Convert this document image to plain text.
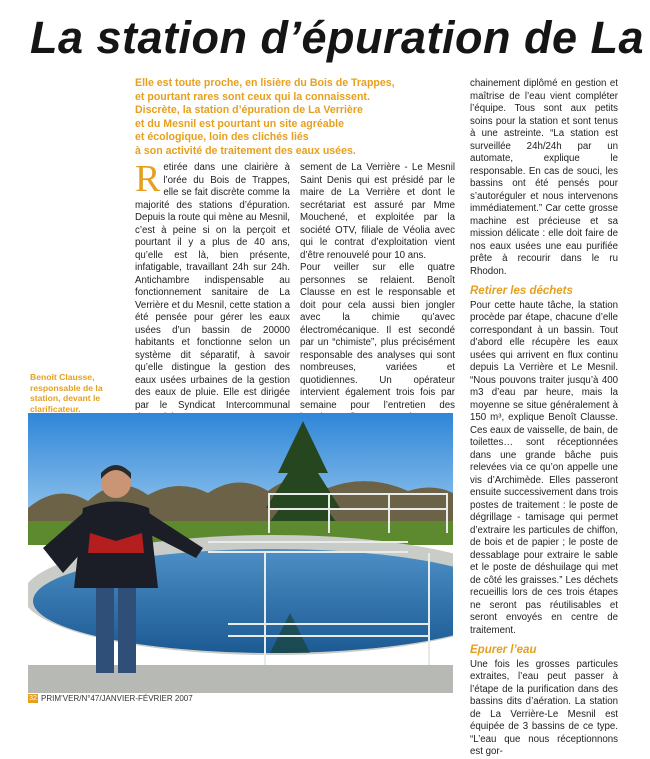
La station d’épuration de La
Elle est toute proche, en lisière du Bois de Trappes,
et pourtant rares sont ceux qui la connaissent.
Discrète, la station d’épuration de La Verrière
et du Mesnil est pourtant un site agréable
et écologique, loin des clichés liés
à son activité de traitement des eaux usées.
R etirée dans une clairière à l’orée du Bois de Trappes, elle se fait discrète comme la majorité des stations d’épuration. Depuis la route qui mène au Mesnil, c’est à peine si on la perçoit et pourtant il y a plus de 40 ans, qu’elle est là, bien présente, infatigable, travaillant 24h sur 24h. Antichambre indispensable au fonctionnement sanitaire de La Verrière et du Mesnil, cette station a été pensée pour gérer les eaux usées d’un bassin de 20000 habitants et fonctionne selon un système dit séparatif, à savoir qu’elle distingue la gestion des eaux usées urbaines de la gestion des eaux de pluie. Elle est dirigée par le Syndicat Intercommunal

sement de La Verrière - Le Mesnil Saint Denis qui est présidé par le maire de La Verrière et dont le secrétariat est assuré par Mme Mouchené, et exploitée par la société OTV, filiale de Véolia avec qui le contrat d’exploitation vient d’être renouvelé pour 10 ans.

Pour veiller sur elle quatre personnes se relaient. Benoît Clausse en est le responsable et doit pour cela aussi bien jongler avec la chimie qu’avec électromécanique. Il est secondé par un “chimiste”, plus précisément responsable des analyses qui sont nombreuses, variées et quotidiennes. Un opérateur intervient également trois fois par semaine pour l’entretien des

chainement diplômé en gestion et maîtrise de l’eau vient compléter l’équipe. Tous sont aux petits soins pour la station et sont tenus à une astreinte. “La station est surveillée 24h/24h par un automate, explique le responsable. En cas de souci, les bassins ont été pensés pour s’autoréguler et nous intervenons immédiatement.” Car cette grosse machine est précieuse et sa mission délicate : elle doit faire de nos eaux usées une eau purifiée prête à recourir dans le ru Rhodon.

Retirer les déchets

Pour cette haute tâche, la station procède par étape, chacune d’elle correspondant à un bassin. Tout d’abord elle récupère les eaux usées qui arrivent en flux continu depuis La Verrière et Le Mesnil. “Nous pouvons traiter jusqu’à 400 m3 d’eau par heure, mais la moyenne se situe généralement à 150 m³, explique Benoît Clausse. Ces eaux de vaisselle, de bain, de toilettes… sont réceptionnées dans une grande bâche puis relevées via ce qu’on appelle une vis d’Archimède. Elles passeront ensuite successivement dans trois postes de traitement : le poste de dégrillage - tamisage qui permet d’extraire les particules de chiffon, de bois et de papier ; le poste de dessablage pour extraire le sable et le poste de déshuilage qui met de côté les graisses.” Les déchets recueillis lors de ces trois étapes ne seront pas réutilisables et seront envoyés en centre de traitement.

Epurer l’eau

Une fois les grosses particules extraites, l’eau peut passer à l’étape de la purification dans des bassins dits d’aération. La station de La Verrière-Le Mesnil est équipée de 3 bassins de ce type. “L’eau que nous réceptionnons est gor-

Benoît Clausse, responsable de la station, devant le clarificateur.
32 PRIM’VER/N°47/JANVIER-FÉVRIER 2007
